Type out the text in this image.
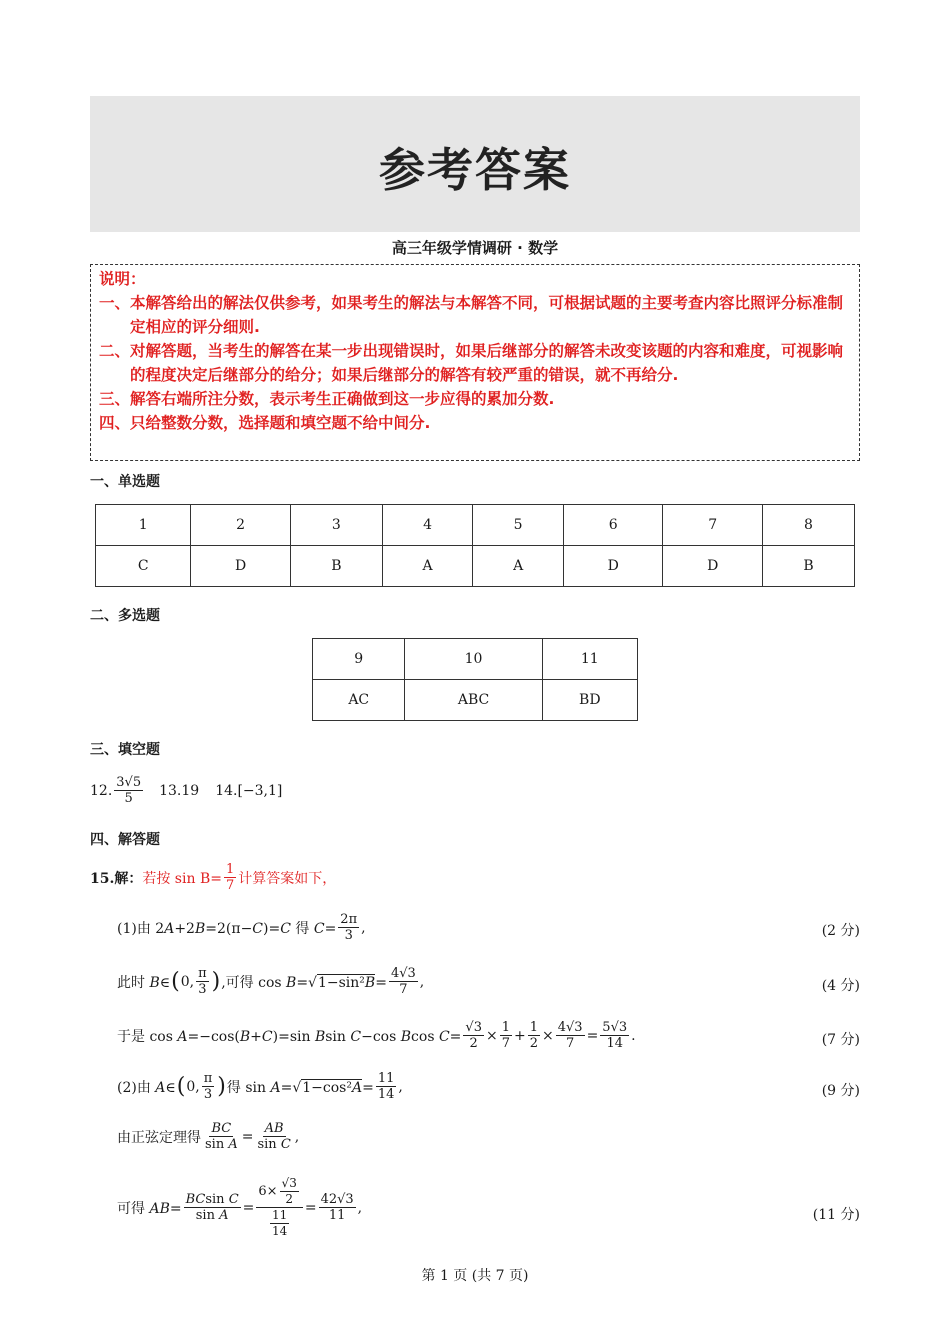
参考答案
高三年级学情调研 · 数学
说明：
一、 本解答给出的解法仅供参考，如果考生的解法与本解答不同，可根据试题的主要考查内容比照评分标准制定相应的评分细则.
二、 对解答题，当考生的解答在某一步出现错误时，如果后继部分的解答未改变该题的内容和难度，可视影响的程度决定后继部分的给分；如果后继部分的解答有较严重的错误，就不再给分.
三、 解答右端所注分数，表示考生正确做到这一步应得的累加分数.
四、 只给整数分数，选择题和填空题不给中间分.
一、单选题
1	2	3	4	5	6	7	8
C	D	B	A	A	D	D	B
二、多选题
9	10	11
AC	ABC	BD
三、填空题
12. $\frac{3√5}{5} 13.19$ 14.[−3,1]
四、解答题
15.解： 若按 $\sin B= \frac{1}{7}$ 计算答案如下，
(1)由 2A+2B=2(π−C)=C 得 $C= \frac{2\pi}{3}$ ,	(2 分)
此时 B∈ ( 0, $\frac{\pi}{3}$ ) ,可得 $\cos B=√1-\sin^2B= \frac{4√3}{7}$ ,	(4 分)
于是 cos A=−cos(B+C)=sin Bsin C−cos Bcos $C= \frac{√3}{2} \times \frac{1}{7} + \frac{1}{2} \times \frac{4√3}{7} = \frac{5√3}{14}$ .	(7 分)
(2)由 A∈ ( 0, $\frac{\pi}{3}$ ) 得 $\sin A=√1-\cos^2A= \frac{11}{14}$ ,	(9 分)
由正弦定理得 $\frac{BC}{\text{sin A}} = \frac{AB}{\text{sin C}}$ ,
可得 $AB= \frac{\text{BCsin C}}{\text{sin A}} = \frac{6\times \frac{√3}{2}}{\frac{11}{14}} = \frac{42√3}{11}$ ,	(11 分)
第 1 页 (共 7 页)
